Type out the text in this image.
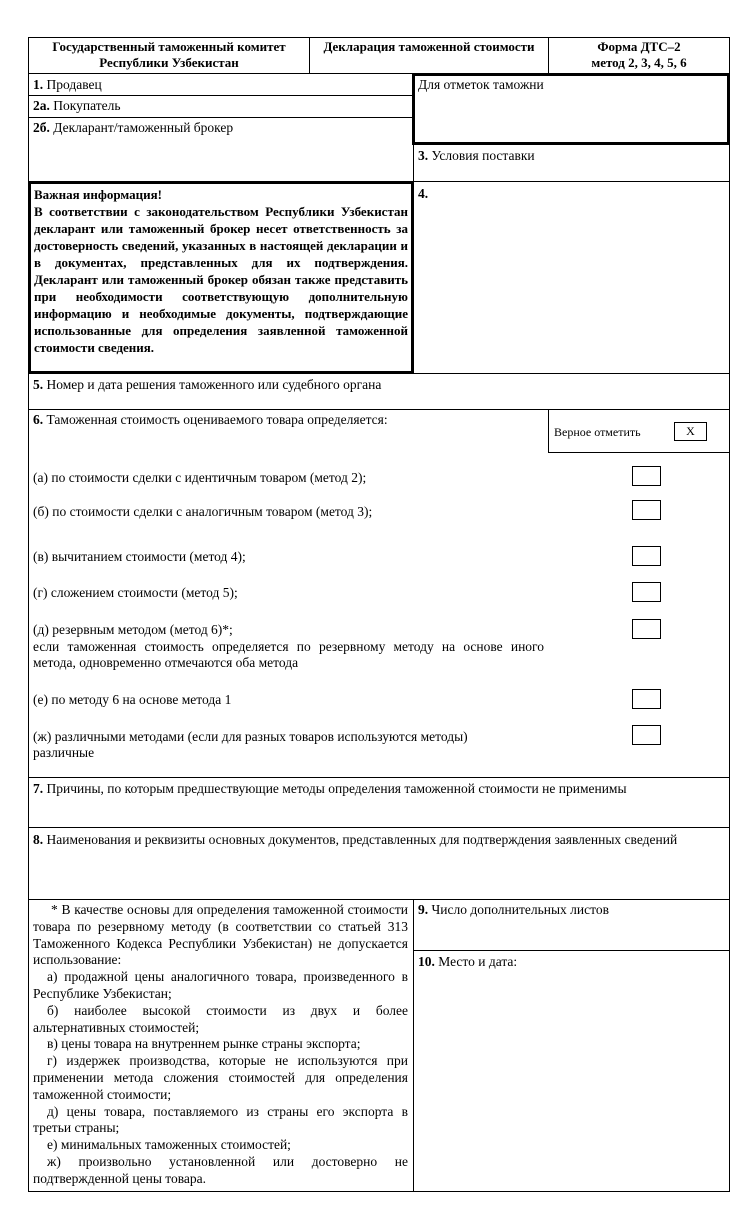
Государственный таможенный комитет Республики Узбекистан
Декларация таможенной стоимости	Форма ДТС–2
метод 2, 3, 4, 5, 6
1. Продавец
2а. Покупатель
2б. Декларант/таможенный брокер
Для отметок таможни
3. Условия поставки
Важная информация!
В соответствии с законодательством Республики Узбекистан декларант или таможенный брокер несет ответственность за достоверность сведений, указанных в настоящей декларации и в документах, представленных для их подтверждения. Декларант или таможенный брокер обязан также представить при необходимости соответствующую дополнительную информацию и необходимые документы, подтверждающие использованные для определения заявленной таможенной стоимости сведения.
4.
5. Номер и дата решения таможенного или судебного органа
6. Таможенная стоимость оцениваемого товара определяется:
Верное отметить	X
(а) по стоимости сделки с идентичным товаром (метод 2);
(б) по стоимости сделки с аналогичным товаром (метод 3);
(в) вычитанием стоимости (метод 4);
(г) сложением стоимости (метод 5);
(д) резервным методом (метод 6)*;
если таможенная стоимость определяется по резервному методу на основе иного метода, одновременно отмечаются оба метода
(е) по методу 6 на основе метода 1
(ж) различными методами (если для разных товаров используются методы) различные
7. Причины, по которым предшествующие методы определения таможенной стоимости не применимы
8. Наименования и реквизиты основных документов, представленных для подтверждения заявленных сведений
9. Число дополнительных листов
10. Место и дата:
* В качестве основы для определения таможенной стоимости товара по резервному методу (в соответствии со статьей 313 Таможенного Кодекса Республики Узбекистан) не допускается использование:
а) продажной цены аналогичного товара, произведенного в Республике Узбекистан;
б) наиболее высокой стоимости из двух и более альтернативных стоимостей;
в) цены товара на внутреннем рынке страны экспорта;
г) издержек производства, которые не используются при применении метода сложения стоимостей для определения таможенной стоимости;
д) цены товара, поставляемого из страны его экспорта в третьи страны;
е) минимальных таможенных стоимостей;
ж) произвольно установленной или достоверно не подтвержденной цены товара.
